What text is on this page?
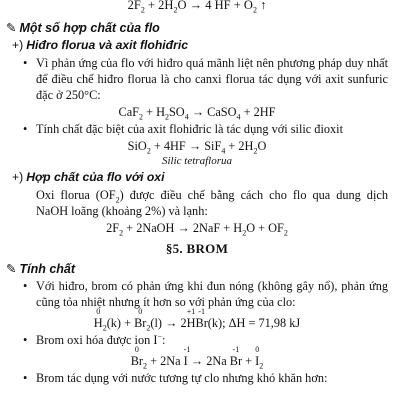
2
$F_2 + 2H_2$
O → 4 H
F +
$O_2$ ↑
✎ Một số hợp chất của flo
+) Hiđro florua và axit flohiđric
• Vì phản ứng của flo với hiđro quá mãnh liệt nên phương pháp duy nhất để điều chế hiđro florua là cho canxi florua tác dụng với axit sunfuric đặc ở 250°C:
$CaF_2 + H_2SO_4$ → CaSO$_4$ + 2HF
• Tính chất đặc biệt của axit flohiđric là tác dụng với silic đioxit
$SiO_2 + 4HF \to SiF_4 + 2H_2O$
Silic tetraflorua
+) Hợp chất của flo với oxi
Oxi florua $(OF_2)$ được điều chế bằng cách cho flo qua dung dịch NaOH loãng (khoảng 2%) và lạnh:
$2F_2$ + 2NaOH → $2NaF + H_2O + OF_2$
§5. BROM
✎ Tính chất
• Với hiđro, brom có phản ứng khi đun nóng (không gây nổ), phản ứng cũng tỏa nhiệt nhưng ít hơn so với phản ứng của clo:
0
$H_2(k)$ +
0
$Br_2(l) \to 2$
+1
H
-1
Br(k); ΔH = 71,98 kJ
• Brom oxi hóa được ion I−:
0
$Br_2 + 2Na$
-1
I → 2Na
-1
Br +
0
$I_2$
• Brom tác dụng với nước tương tự clo nhưng khó khăn hơn:
